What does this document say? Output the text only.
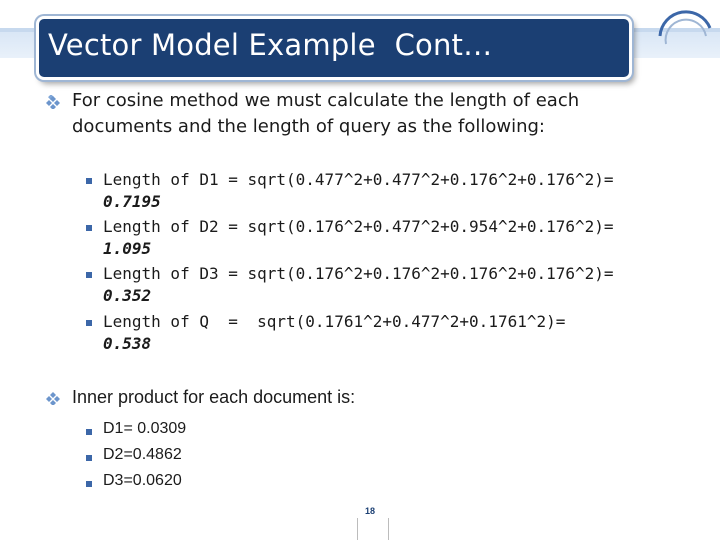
Vector Model Example  Cont…
For cosine method we must calculate the length of each documents and the length of query as the following:
Length of D1 = sqrt(0.477^2+0.477^2+0.176^2+0.176^2)=
0.7195
Length of D2 = sqrt(0.176^2+0.477^2+0.954^2+0.176^2)=
1.095
Length of D3 = sqrt(0.176^2+0.176^2+0.176^2+0.176^2)=
0.352
Length of Q  =  sqrt(0.1761^2+0.477^2+0.1761^2)=
0.538
Inner product for each document is:
D1= 0.0309
D2=0.4862
D3=0.0620
18
